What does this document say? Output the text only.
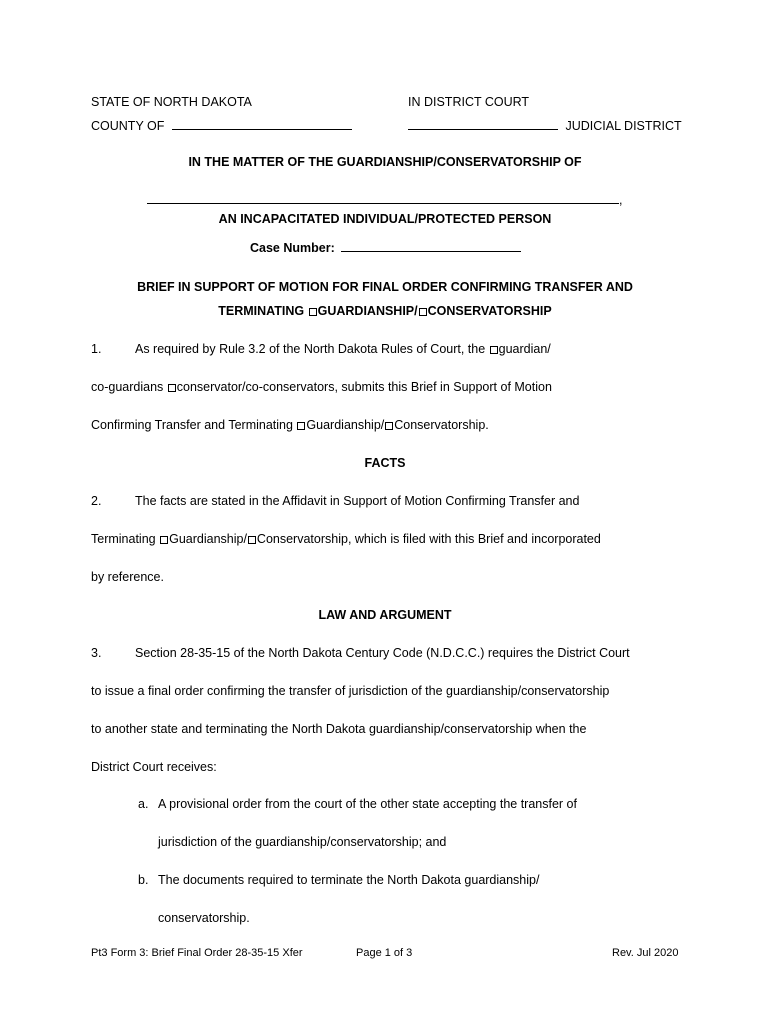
STATE OF NORTH DAKOTA	IN DISTRICT COURT
COUNTY OF	JUDICIAL DISTRICT
IN THE MATTER OF THE GUARDIANSHIP/CONSERVATORSHIP OF
,
AN INCAPACITATED INDIVIDUAL/PROTECTED PERSON
Case Number:
BRIEF IN SUPPORT OF MOTION FOR FINAL ORDER CONFIRMING TRANSFER AND
TERMINATING GUARDIANSHIP/ CONSERVATORSHIP
1.	As required by Rule 3.2 of the North Dakota Rules of Court, the guardian/
co-guardians conservator/co-conservators, submits this Brief in Support of Motion
Confirming Transfer and Terminating Guardianship/ Conservatorship.
FACTS
2.	The facts are stated in the Affidavit in Support of Motion Confirming Transfer and
Terminating Guardianship/ Conservatorship, which is filed with this Brief and incorporated
by reference.
LAW AND ARGUMENT
3.	Section 28-35-15 of the North Dakota Century Code (N.D.C.C.) requires the District Court
to issue a final order confirming the transfer of jurisdiction of the guardianship/conservatorship
to another state and terminating the North Dakota guardianship/conservatorship when the
District Court receives:
a. A provisional order from the court of the other state accepting the transfer of
jurisdiction of the guardianship/conservatorship; and
b. The documents required to terminate the North Dakota guardianship/
conservatorship.
Pt3 Form 3: Brief Final Order 28-35-15 Xfer	Page 1 of 3	Rev. Jul 2020
